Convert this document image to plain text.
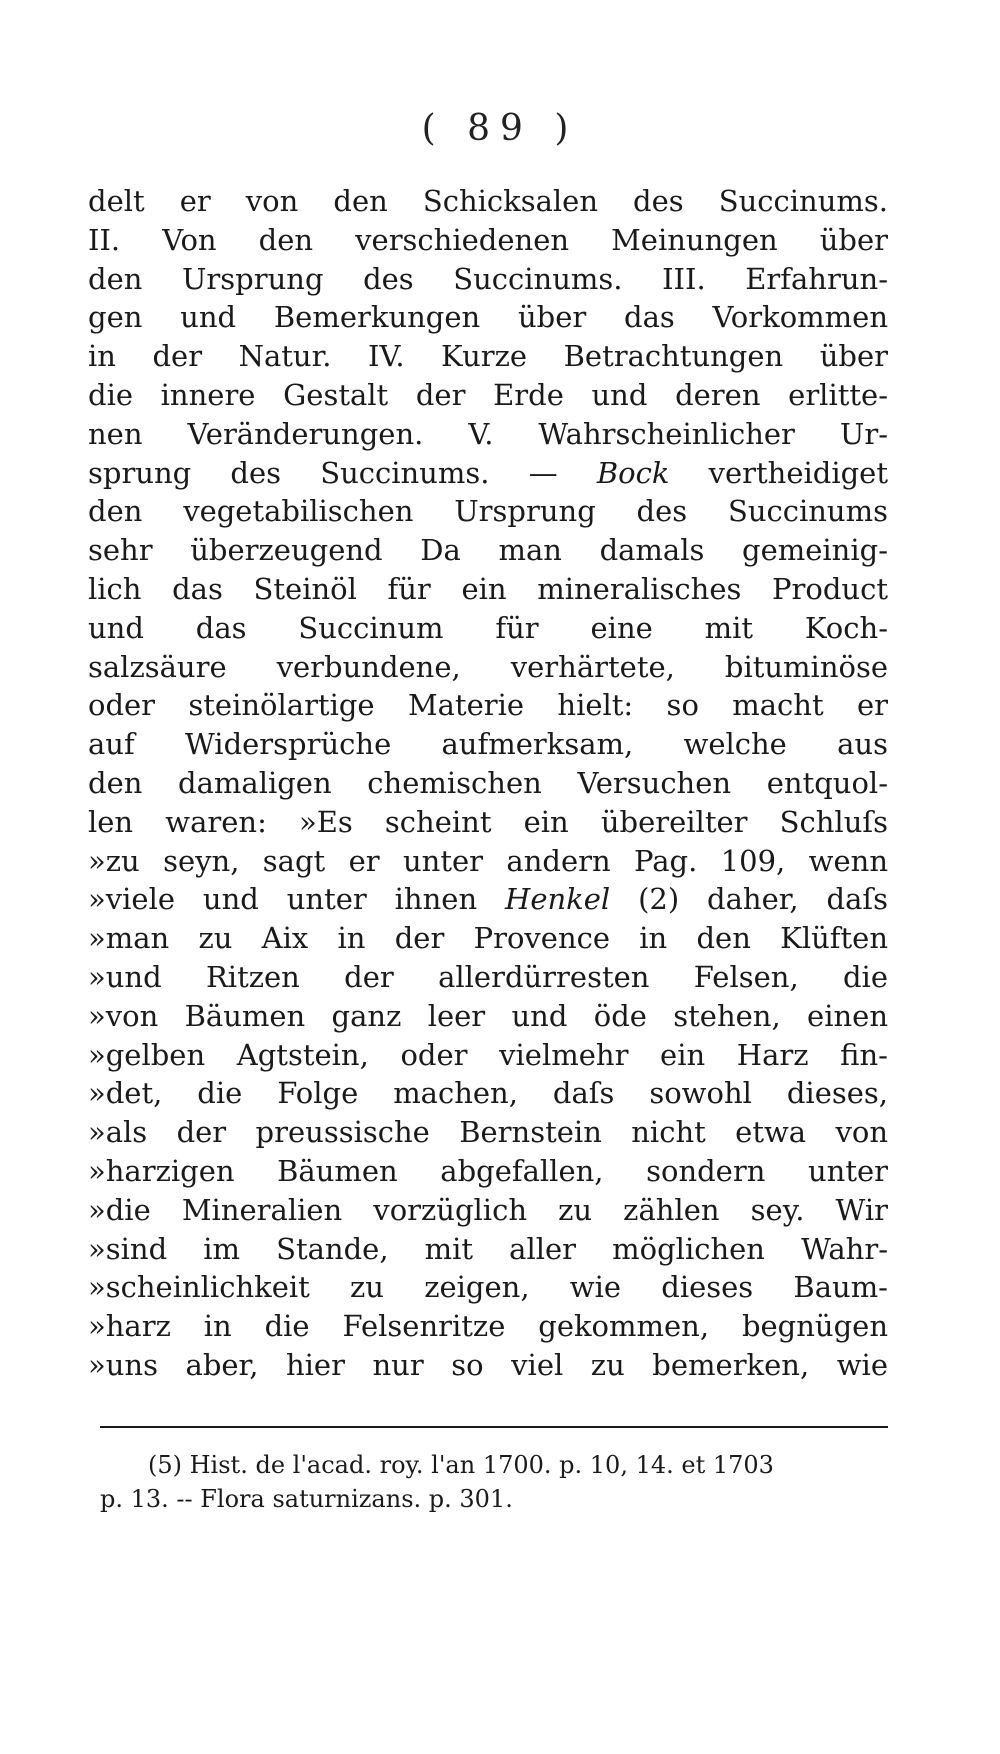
( 89 )
delt er von den Schicksalen des Succinums.
II. Von den verschiedenen Meinungen über
den Ursprung des Succinums. III. Erfahrun-
gen und Bemerkungen über das Vorkommen
in der Natur. IV. Kurze Betrachtungen über
die innere Gestalt der Erde und deren erlitte-
nen Veränderungen. V. Wahrscheinlicher Ur-
sprung des Succinums. — Bock vertheidiget
den vegetabilischen Ursprung des Succinums
sehr überzeugend Da man damals gemeinig-
lich das Steinöl für ein mineralisches Product
und das Succinum für eine mit Koch-
salzsäure verbundene, verhärtete, bituminöse
oder steinölartige Materie hielt: so macht er
auf Widersprüche aufmerksam, welche aus
den damaligen chemischen Versuchen entquol-
len waren: »Es scheint ein übereilter Schluſs
»zu seyn, sagt er unter andern Pag. 109, wenn
»viele und unter ihnen Henkel (2) daher, daſs
»man zu Aix in der Provence in den Klüften
»und Ritzen der allerdürresten Felsen, die
»von Bäumen ganz leer und öde stehen, einen
»gelben Agtstein, oder vielmehr ein Harz fin-
»det, die Folge machen, daſs sowohl dieses,
»als der preussische Bernstein nicht etwa von
»harzigen Bäumen abgefallen, sondern unter
»die Mineralien vorzüglich zu zählen sey. Wir
»sind im Stande, mit aller möglichen Wahr-
»scheinlichkeit zu zeigen, wie dieses Baum-
»harz in die Felsenritze gekommen, begnügen
»uns aber, hier nur so viel zu bemerken, wie
(5) Hist. de l'acad. roy. l'an 1700. p. 10, 14. et 1703
p. 13. -- Flora saturnizans. p. 301.
